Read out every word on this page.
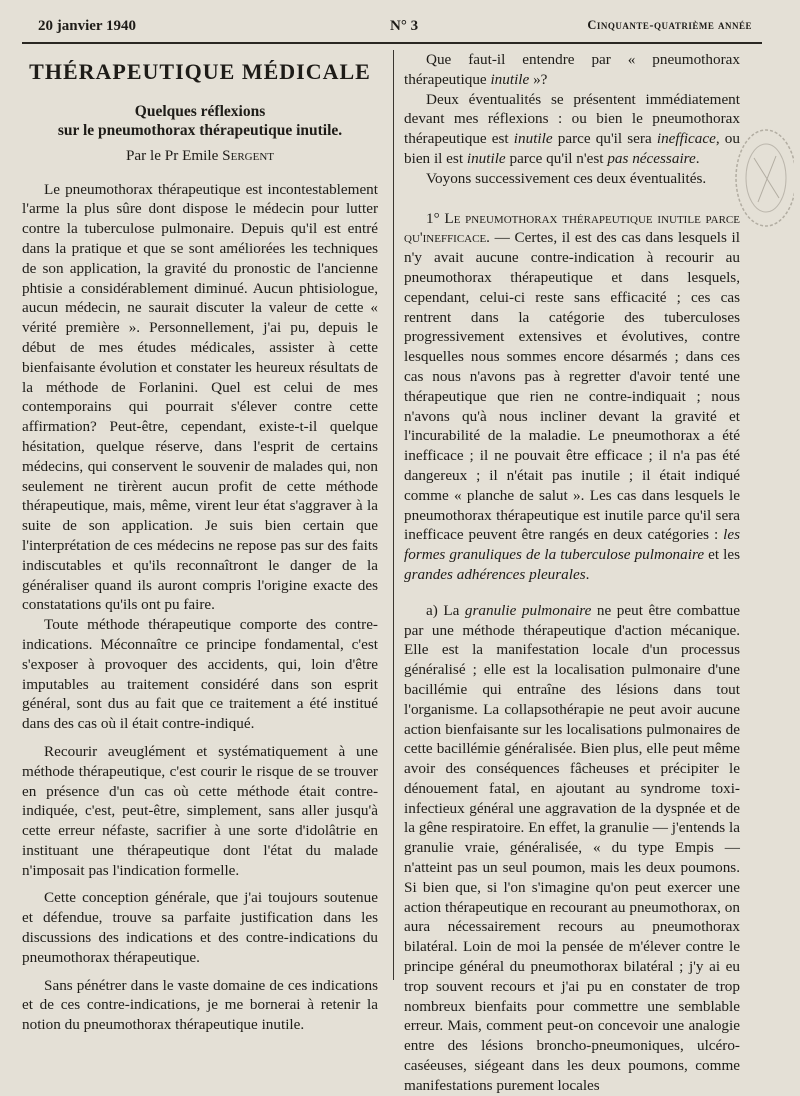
20 janvier 1940	N° 3	Cinquante-quatrième année
THÉRAPEUTIQUE MÉDICALE
Quelques réflexions
sur le pneumothorax thérapeutique inutile.
Par le Pr Emile Sergent

Le pneumothorax thérapeutique est incontestablement l'arme la plus sûre dont dispose le médecin pour lutter contre la tuberculose pulmonaire. Depuis qu'il est entré dans la pratique et que se sont améliorées les techniques de son application, la gravité du pronostic de l'ancienne phtisie a considérablement diminué. Aucun phtisiologue, aucun médecin, ne saurait discuter la valeur de cette « vérité première ». Personnellement, j'ai pu, depuis le début de mes études médicales, assister à cette bienfaisante évolution et constater les heureux résultats de la méthode de Forlanini. Quel est celui de mes contemporains qui pourrait s'élever contre cette affirmation? Peut-être, cependant, existe-t-il quelque hésitation, quelque réserve, dans l'esprit de certains médecins, qui conservent le souvenir de malades qui, non seulement ne tirèrent aucun profit de cette méthode thérapeutique, mais, même, virent leur état s'aggraver à la suite de son application. Je suis bien certain que l'interprétation de ces médecins ne repose pas sur des faits indiscutables et qu'ils reconnaîtront le danger de la généraliser quand ils auront compris l'origine exacte des constatations qu'ils ont pu faire.

Toute méthode thérapeutique comporte des contre-indications. Méconnaître ce principe fondamental, c'est s'exposer à provoquer des accidents, qui, loin d'être imputables au traitement considéré dans son esprit général, sont dus au fait que ce traitement a été institué dans des cas où il était contre-indiqué.

Recourir aveuglément et systématiquement à une méthode thérapeutique, c'est courir le risque de se trouver en présence d'un cas où cette méthode était contre-indiquée, c'est, peut-être, simplement, sans aller jusqu'à cette erreur néfaste, sacrifier à une sorte d'idolâtrie en instituant une thérapeutique dont l'état du malade n'imposait pas l'indication formelle.

Cette conception générale, que j'ai toujours soutenue et défendue, trouve sa parfaite justification dans les discussions des indications et des contre-indications du pneumothorax thérapeutique.

Sans pénétrer dans le vaste domaine de ces indications et de ces contre-indications, je me bornerai à retenir la notion du pneumothorax thérapeutique inutile.

Que faut-il entendre par « pneumothorax thérapeutique inutile »?

Deux éventualités se présentent immédiatement devant mes réflexions : ou bien le pneumothorax thérapeutique est inutile parce qu'il sera inefficace, ou bien il est inutile parce qu'il n'est pas nécessaire.

Voyons successivement ces deux éventualités.

1° Le pneumothorax thérapeutique inutile parce qu'inefficace. — Certes, il est des cas dans lesquels il n'y avait aucune contre-indication à recourir au pneumothorax thérapeutique et dans lesquels, cependant, celui-ci reste sans efficacité ; ces cas rentrent dans la catégorie des tuberculoses progressivement extensives et évolutives, contre lesquelles nous sommes encore désarmés ; dans ces cas nous n'avons pas à regretter d'avoir tenté une thérapeutique que rien ne contre-indiquait ; nous n'avons qu'à nous incliner devant la gravité et l'incurabilité de la maladie. Le pneumothorax a été inefficace ; il ne pouvait être efficace ; il n'a pas été dangereux ; il n'était pas inutile ; il était indiqué comme « planche de salut ». Les cas dans lesquels le pneumothorax thérapeutique est inutile parce qu'il sera inefficace peuvent être rangés en deux catégories : les formes granuliques de la tuberculose pulmonaire et les grandes adhérences pleurales.

a) La granulie pulmonaire ne peut être combattue par une méthode thérapeutique d'action mécanique. Elle est la manifestation locale d'un processus généralisé ; elle est la localisation pulmonaire d'une bacillémie qui entraîne des lésions dans tout l'organisme. La collapsothérapie ne peut avoir aucune action bienfaisante sur les localisations pulmonaires de cette bacillémie généralisée. Bien plus, elle peut même avoir des conséquences fâcheuses et précipiter le dénouement fatal, en ajoutant au syndrome toxi-infectieux général une aggravation de la dyspnée et de la gêne respiratoire. En effet, la granulie — j'entends la granulie vraie, généralisée, « du type Empis — n'atteint pas un seul poumon, mais les deux poumons. Si bien que, si l'on s'imagine qu'on peut exercer une action thérapeutique en recourant au pneumothorax, on aura nécessairement recours au pneumothorax bilatéral. Loin de moi la pensée de m'élever contre le principe général du pneumothorax bilatéral ; j'y ai eu trop souvent recours et j'ai pu en constater de trop nombreux bienfaits pour commettre une semblable erreur. Mais, comment peut-on concevoir une analogie entre des lésions broncho-pneumoniques, ulcéro-caséeuses, siégeant dans les deux poumons, comme manifestations purement locales
